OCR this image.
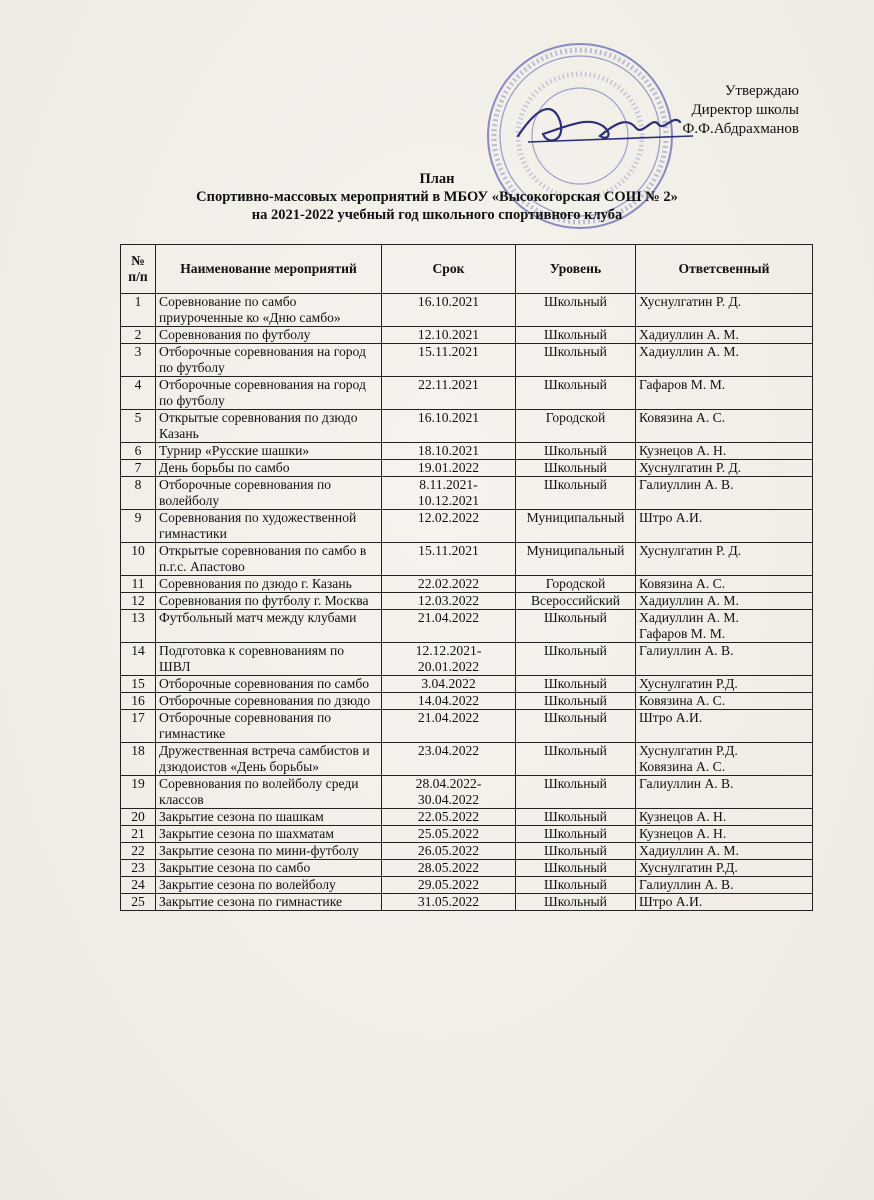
Утверждаю
Директор школы
Ф.Ф.Абдрахманов
План
Спортивно-массовых мероприятий в МБОУ «Высокогорская СОШ № 2»
на 2021-2022 учебный год школьного спортивного клуба
№ п/п	Наименование мероприятий	Срок	Уровень	Ответсвенный
1	Соревнование по самбо приуроченные ко «Дню самбо»	16.10.2021	Школьный	Хуснулгатин Р. Д.

2	Соревнования по футболу	12.10.2021	Школьный	Хадиуллин А. М.

3	Отборочные соревнования на город по футболу	15.11.2021	Школьный	Хадиуллин А. М.

4	Отборочные соревнования на город по футболу	22.11.2021	Школьный	Гафаров М. М.

5	Открытые соревнования по дзюдо Казань	16.10.2021	Городской	Ковязина А. С.

6	Турнир «Русские шашки»	18.10.2021	Школьный	Кузнецов А. Н.

7	День борьбы по самбо	19.01.2022	Школьный	Хуснулгатин Р. Д.

8	Отборочные соревнования по волейболу	8.11.2021-
10.12.2021	Школьный	Галиуллин А. В.

9	Соревнования по художественной гимнастики	12.02.2022	Муниципальный	Штро А.И.

10	Открытые соревнования по самбо в п.г.с. Апастово	15.11.2021	Муниципальный	Хуснулгатин Р. Д.

11	Соревнования по дзюдо г. Казань	22.02.2022	Городской	Ковязина А. С.

12	Соревнования по футболу г. Москва	12.03.2022	Всероссийский	Хадиуллин А. М.

13	Футбольный матч между клубами	21.04.2022	Школьный	Хадиуллин А. М.
Гафаров М. М.

14	Подготовка к соревнованиям по ШВЛ	12.12.2021-
20.01.2022	Школьный	Галиуллин А. В.

15	Отборочные соревнования по самбо	3.04.2022	Школьный	Хуснулгатин Р.Д.

16	Отборочные соревнования по дзюдо	14.04.2022	Школьный	Ковязина А. С.

17	Отборочные соревнования по гимнастике	21.04.2022	Школьный	Штро А.И.

18	Дружественная встреча самбистов и дзюдоистов «День борьбы»	23.04.2022	Школьный	Хуснулгатин Р.Д.
Ковязина А. С.

19	Соревнования по волейболу среди классов	28.04.2022-
30.04.2022	Школьный	Галиуллин А. В.

20	Закрытие сезона по шашкам	22.05.2022	Школьный	Кузнецов А. Н.

21	Закрытие сезона по шахматам	25.05.2022	Школьный	Кузнецов А. Н.

22	Закрытие сезона по мини-футболу	26.05.2022	Школьный	Хадиуллин А. М.

23	Закрытие сезона по самбо	28.05.2022	Школьный	Хуснулгатин Р.Д.

24	Закрытие сезона по волейболу	29.05.2022	Школьный	Галиуллин А. В.

25	Закрытие сезона по гимнастике	31.05.2022	Школьный	Штро А.И.
